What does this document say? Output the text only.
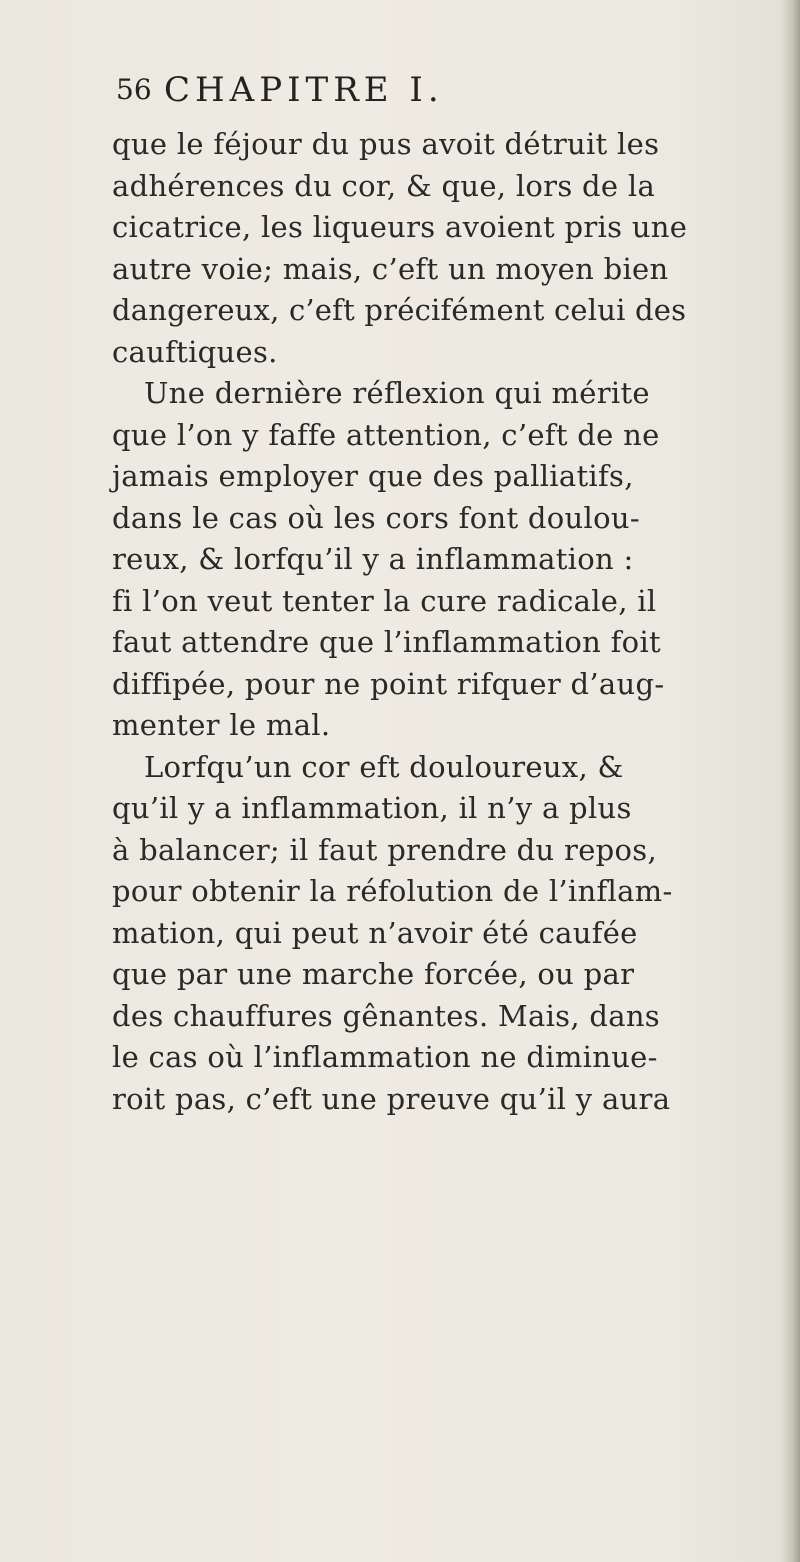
56 CHAPITRE I.
que le féjour du pus avoit détruit les
adhérences du cor, & que, lors de la
cicatrice, les liqueurs avoient pris une
autre voie; mais, c’eft un moyen bien
dangereux, c’eft précifément celui des
cauftiques.
Une dernière réflexion qui mérite
que l’on y faffe attention, c’eft de ne
jamais employer que des palliatifs,
dans le cas où les cors font doulou-
reux, & lorfqu’il y a inflammation :
fi l’on veut tenter la cure radicale, il
faut attendre que l’inflammation foit
diffipée, pour ne point rifquer d’aug-
menter le mal.
Lorfqu’un cor eft douloureux, &
qu’il y a inflammation, il n’y a plus
à balancer; il faut prendre du repos,
pour obtenir la réfolution de l’inflam-
mation, qui peut n’avoir été caufée
que par une marche forcée, ou par
des chauffures gênantes. Mais, dans
le cas où l’inflammation ne diminue-
roit pas, c’eft une preuve qu’il y aura
